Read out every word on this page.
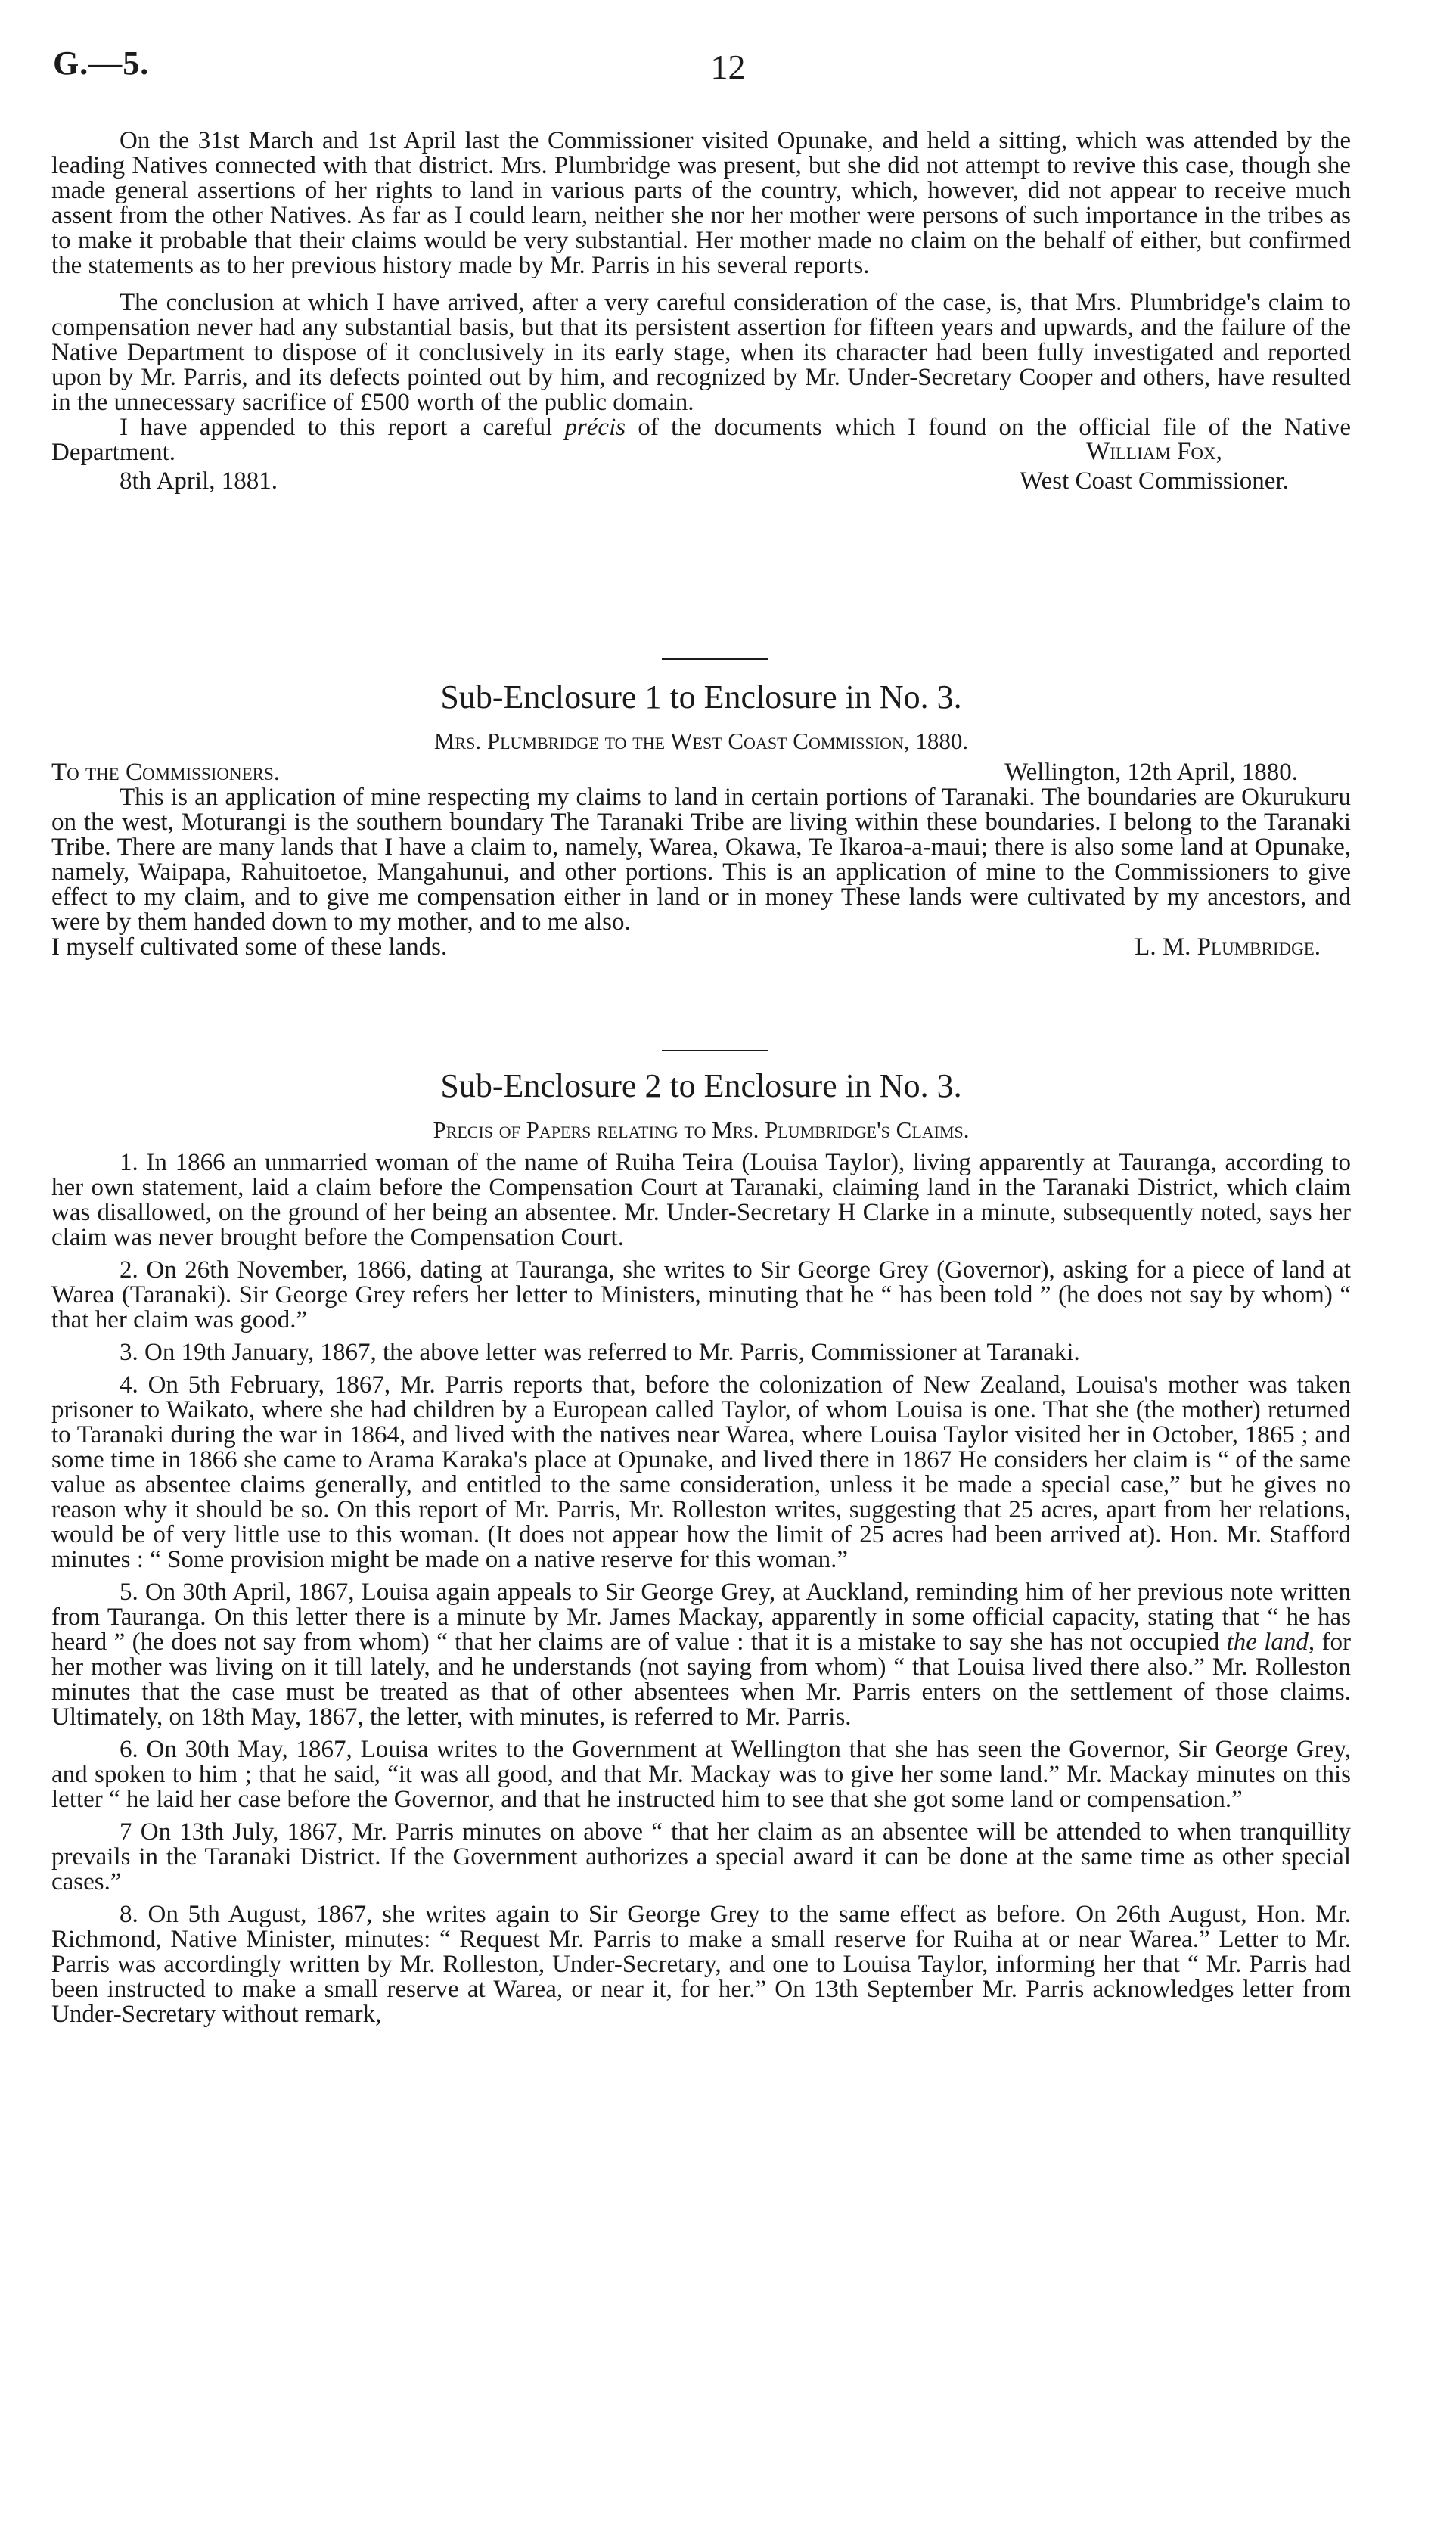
G.—5.	12

On the 31st March and 1st April last the Commissioner visited Opunake, and held a sitting, which was attended by the leading Natives connected with that district. Mrs. Plumbridge was present, but she did not attempt to revive this case, though she made general assertions of her rights to land in various parts of the country, which, however, did not appear to receive much assent from the other Natives. As far as I could learn, neither she nor her mother were persons of such importance in the tribes as to make it probable that their claims would be very substantial. Her mother made no claim on the behalf of either, but confirmed the statements as to her previous history made by Mr. Parris in his several reports.

The conclusion at which I have arrived, after a very careful consideration of the case, is, that Mrs. Plumbridge's claim to compensation never had any substantial basis, but that its persistent assertion for fifteen years and upwards, and the failure of the Native Department to dispose of it conclusively in its early stage, when its character had been fully investigated and reported upon by Mr. Parris, and its defects pointed out by him, and recognized by Mr. Under-Secretary Cooper and others, have resulted in the unnecessary sacrifice of £500 worth of the public domain.

I have appended to this report a careful précis of the documents which I found on the official file of the Native Department.	William Fox,
8th April, 1881.	West Coast Commissioner.
Sub-Enclosure 1 to Enclosure in No. 3.
Mrs. Plumbridge to the West Coast Commission, 1880.
To the Commissioners.	Wellington, 12th April, 1880.

This is an application of mine respecting my claims to land in certain portions of Taranaki. The boundaries are Okurukuru on the west, Moturangi is the southern boundary The Taranaki Tribe are living within these boundaries. I belong to the Taranaki Tribe. There are many lands that I have a claim to, namely, Warea, Okawa, Te Ikaroa-a-maui; there is also some land at Opunake, namely, Waipapa, Rahuitoetoe, Mangahunui, and other portions. This is an application of mine to the Commissioners to give effect to my claim, and to give me compensation either in land or in money These lands were cultivated by my ancestors, and were by them handed down to my mother, and to me also.

I myself cultivated some of these lands.	L. M. Plumbridge.
Sub-Enclosure 2 to Enclosure in No. 3.
Precis of Papers relating to Mrs. Plumbridge's Claims.

1. In 1866 an unmarried woman of the name of Ruiha Teira (Louisa Taylor), living apparently at Tauranga, according to her own statement, laid a claim before the Compensation Court at Taranaki, claiming land in the Taranaki District, which claim was disallowed, on the ground of her being an absentee. Mr. Under-Secretary H Clarke in a minute, subsequently noted, says her claim was never brought before the Compensation Court.

2. On 26th November, 1866, dating at Tauranga, she writes to Sir George Grey (Governor), asking for a piece of land at Warea (Taranaki). Sir George Grey refers her letter to Ministers, minuting that he “ has been told ” (he does not say by whom) “ that her claim was good.”

3. On 19th January, 1867, the above letter was referred to Mr. Parris, Commissioner at Taranaki.

4. On 5th February, 1867, Mr. Parris reports that, before the colonization of New Zealand, Louisa's mother was taken prisoner to Waikato, where she had children by a European called Taylor, of whom Louisa is one. That she (the mother) returned to Taranaki during the war in 1864, and lived with the natives near Warea, where Louisa Taylor visited her in October, 1865 ; and some time in 1866 she came to Arama Karaka's place at Opunake, and lived there in 1867 He considers her claim is “ of the same value as absentee claims generally, and entitled to the same consideration, unless it be made a special case,” but he gives no reason why it should be so. On this report of Mr. Parris, Mr. Rolleston writes, suggesting that 25 acres, apart from her relations, would be of very little use to this woman. (It does not appear how the limit of 25 acres had been arrived at). Hon. Mr. Stafford minutes : “ Some provision might be made on a native reserve for this woman.”

5. On 30th April, 1867, Louisa again appeals to Sir George Grey, at Auckland, reminding him of her previous note written from Tauranga. On this letter there is a minute by Mr. James Mackay, apparently in some official capacity, stating that “ he has heard ” (he does not say from whom) “ that her claims are of value : that it is a mistake to say she has not occupied the land, for her mother was living on it till lately, and he understands (not saying from whom) “ that Louisa lived there also.” Mr. Rolleston minutes that the case must be treated as that of other absentees when Mr. Parris enters on the settlement of those claims. Ultimately, on 18th May, 1867, the letter, with minutes, is referred to Mr. Parris.

6. On 30th May, 1867, Louisa writes to the Government at Wellington that she has seen the Governor, Sir George Grey, and spoken to him ; that he said, “it was all good, and that Mr. Mackay was to give her some land.” Mr. Mackay minutes on this letter “ he laid her case before the Governor, and that he instructed him to see that she got some land or compensation.”

7 On 13th July, 1867, Mr. Parris minutes on above “ that her claim as an absentee will be attended to when tranquillity prevails in the Taranaki District. If the Government authorizes a special award it can be done at the same time as other special cases.”

8. On 5th August, 1867, she writes again to Sir George Grey to the same effect as before. On 26th August, Hon. Mr. Richmond, Native Minister, minutes: “ Request Mr. Parris to make a small reserve for Ruiha at or near Warea.” Letter to Mr. Parris was accordingly written by Mr. Rolleston, Under-Secretary, and one to Louisa Taylor, informing her that “ Mr. Parris had been instructed to make a small reserve at Warea, or near it, for her.” On 13th September Mr. Parris acknowledges letter from Under-Secretary without remark,
